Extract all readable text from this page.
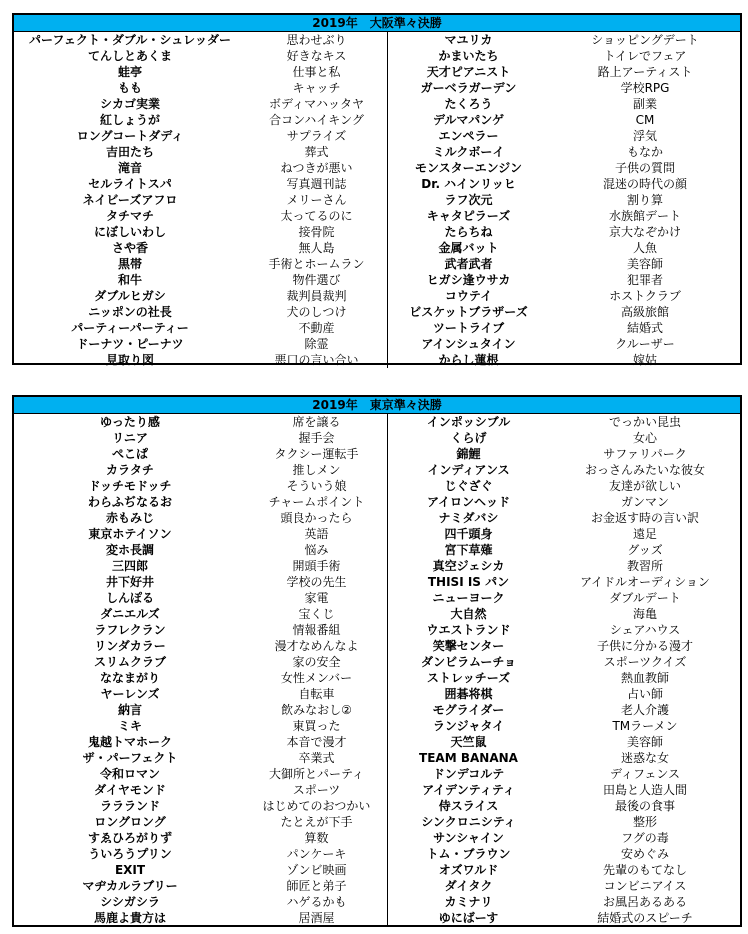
2019年　大阪準々決勝
パーフェクト・ダブル・シュレッダー	思わせぶり	マユリカ	ショッピングデート
てんしとあくま	好きなキス	かまいたち	トイレでフェア
蛙亭	仕事と私	天才ピアニスト	路上アーティスト
もも	キャッチ	ガーベラガーデン	学校RPG
シカゴ実業	ボディマハッタヤ	たくろう	副業
紅しょうが	合コンハイキング	デルマパンゲ	CM
ロングコートダディ	サプライズ	エンペラー	浮気
吉田たち	葬式	ミルクボーイ	もなか
滝音	ねつきが悪い	モンスターエンジン	子供の質問
セルライトスパ	写真週刊誌	Dr. ハインリッヒ	混迷の時代の顔
ネイビーズアフロ	メリーさん	ラフ次元	割り算
タチマチ	太ってるのに	キャタピラーズ	水族館デート
にぼしいわし	接骨院	たらちね	京大なぞかけ
さや香	無人島	金属バット	人魚
黒帯	手術とホームラン	武者武者	美容師
和牛	物件選び	ヒガシ逢ウサカ	犯罪者
ダブルヒガシ	裁判員裁判	コウテイ	ホストクラブ
ニッポンの社長	犬のしつけ	ビスケットブラザーズ	高級旅館
パーティーパーティー	不動産	ツートライブ	結婚式
ドーナツ・ピーナツ	除霊	アインシュタイン	クルーザー
見取り図	悪口の言い合い	からし蓮根	嫁姑
2019年　東京準々決勝
ゆったり感	席を譲る	インポッシブル	でっかい昆虫
リニア	握手会	くらげ	女心
ぺこぱ	タクシー運転手	錦鯉	サファリパーク
カラタチ	推しメン	インディアンス	おっさんみたいな彼女
ドッチモドッチ	そういう娘	じぐざぐ	友達が欲しい
わらふぢなるお	チャームポイント	アイロンヘッド	ガンマン
赤もみじ	頭良かったら	ナミダバシ	お金返す時の言い訳
東京ホテイソン	英語	四千頭身	遠足
変ホ長調	悩み	宮下草薙	グッズ
三四郎	開頭手術	真空ジェシカ	教習所
井下好井	学校の先生	THISI IS パン	アイドルオーディション
しんぽる	家電	ニューヨーク	ダブルデート
ダニエルズ	宝くじ	大自然	海亀
ラフレクラン	情報番組	ウエストランド	シェアハウス
リンダカラー	漫才なめんなよ	笑撃センター	子供に分かる漫才
スリムクラブ	家の安全	ダンビラムーチョ	スポーツクイズ
ななまがり	女性メンバー	ストレッチーズ	熱血教師
ヤーレンズ	自転車	囲碁将棋	占い師
納言	飲みなおし②	モグライダー	老人介護
ミキ	東買った	ランジャタイ	TMラーメン
鬼越トマホーク	本音で漫才	天竺鼠	美容師
ザ・パーフェクト	卒業式	TEAM BANANA	迷惑な女
令和ロマン	大御所とパーティ	ドンデコルテ	ディフェンス
ダイヤモンド	スポーツ	アイデンティティ	田島と人造人間
ララランド	はじめてのおつかい	侍スライス	最後の食事
ロングロング	たとえが下手	シンクロニシティ	整形
すゑひろがりず	算数	サンシャイン	フグの毒
ういろうプリン	パンケーキ	トム・ブラウン	安めぐみ
EXIT	ゾンビ映画	オズワルド	先輩のもてなし
マヂカルラブリー	師匠と弟子	ダイタク	コンビニアイス
シシガシラ	ハゲるかも	カミナリ	お風呂あるある
馬鹿よ貴方は	居酒屋	ゆにばーす	結婚式のスピーチ
